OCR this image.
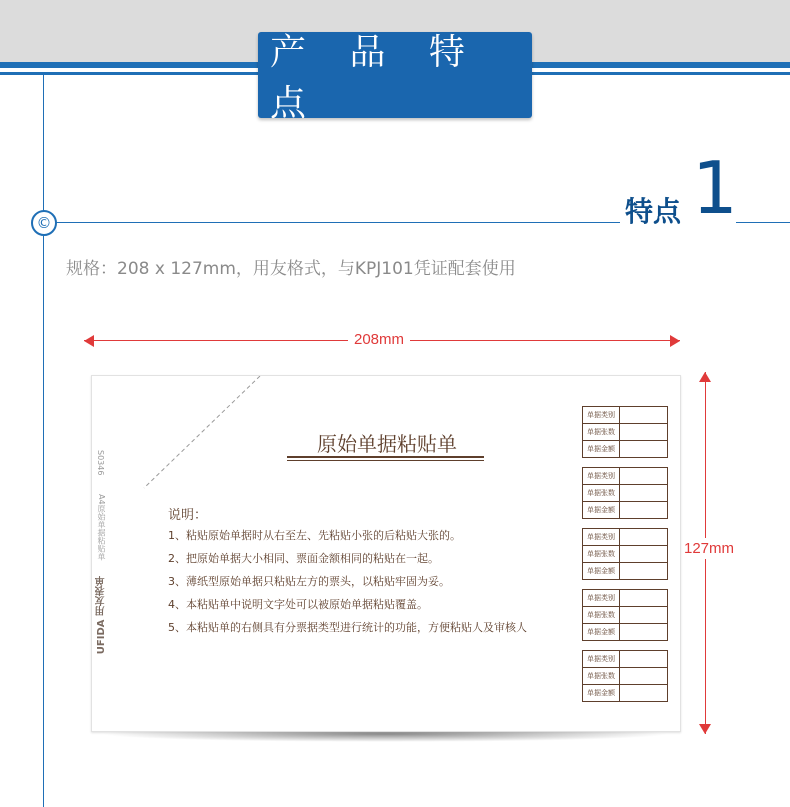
产 品 特 点
©	特点 1
规格：208 x 127mm，用友格式，与KPJ101凭证配套使用
208mm
127mm
S0346
A4原始单据粘贴单
UFIDA 用友表单
原始单据粘贴单
说明：
1、粘贴原始单据时从右至左、先粘贴小张的后粘贴大张的。
2、把原始单据大小相同、票面金额相同的粘贴在一起。
3、薄纸型原始单据只粘贴左方的票头，以粘贴牢固为妥。
4、本粘贴单中说明文字处可以被原始单据粘贴覆盖。
5、本粘贴单的右侧具有分票据类型进行统计的功能，方便粘贴人及审核人
单据类别
单据张数
单据金额
单据类别
单据张数
单据金额
单据类别
单据张数
单据金额
单据类别
单据张数
单据金额
单据类别
单据张数
单据金额
